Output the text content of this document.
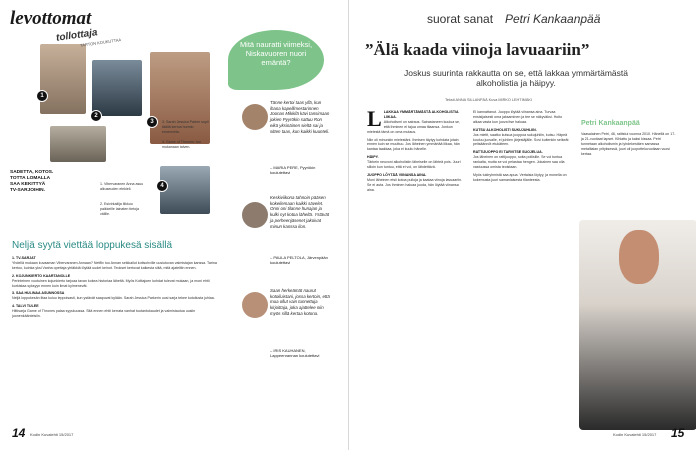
levottomat
tollottaja
TARTON KOUKUTTAA
1
2
3
4
SADETTA, KOTOS.
TOTTA LOMALLA
SAA KEKITTYÄ
TV-SARJOIHIN.
1. Vibervaranen Anna asuu alkuseuden elekieli.
2. Esivirkailija liikkuu paikkeille lainaten tietoja välille.
3. Sarah Jessica Parker sopii täällä kertoa hurmio ennenvirta.
4. Game of Thrones: tuo mukanaan talven.
Neljä syytä viettää loppukesä sisällä

1. TV-SARJAT
Yhdellä mukaan kuvaaman Vibervaranen Annaan? Netflix tuo Annan seikkailut kotisohville uusiutuvan valmistajan kanssa. Tarina kertoo, kuinka yksi Vanha opettaja yhtäkkiä löytää uudet keinot. Teokset kertovat kaikesta siitä, mitä ajateltiin ennen.

2. KOJUNKIERTO KAARTANOLLE
Perinteinen vuotuinen kojunkierto tarjoaa tavan kokea historiaa läheltä. Myös Kolttajoen kohdat tulevat mukaan, ja moni ehtii kurkistaa syksyyn ennen kuin ilmat kylmenevät.

3. SAA HULINAA ASUNNOSSA
Neljä loppukesän iltaa kuluu leppoisasti, kun ystävät saapuvat kylään. Sarah Jessica Parkerin uusi sarja tekee kotoilusta juhlaa.

4. TALVI TULEE
Hittisarja Game of Thrones palaa syyskuussa. Sitä ennen ehtii kerrata vanhat tuotantokaudet ja valmistautua uusiin juonenkäänteisiin.

Mitä nauratti viimeksi, Niskavuoren nuori emäntä?
Tänne kertoi taas yllä, kun ihana kapellimestarinnen Joonas Mikkilä kävi tansimaan jokien Pyyrökin sattuu Ron eikä yksinäinen sieltä sai ja sitten taas, kun kaikki kuunteli.
– MARIA PERE, Pyyrökin koulutettavi
Keskiviikona tahnoin pääsen kokeilemaan kaikki sävelet. Onni oni tilanne hunajan ja kulki nyt kotoa läheltä. Ystävät ja perheenjäsenet jakoivat minun kanssa ilon.
– PAULA PELTOLA, Järvenpään koulutettavi
Saan herkeämät naurut kotoiluistani, jossa kertoin, että mua ollut vain tunnettuja kirjoittaja, joka ajattelee niin myös sillä kertaa kotona.
– IRIS KAUHANEN, Lappeenrannan koulutettavi
14 Kodin Kuvalehti 15/2017
suorat sanat Petri Kankaanpää
”Älä kaada viinoja lavuaariin”
Joskus suurinta rakkautta on se, että lakkaa ymmärtämästä alkoholistia ja häipyy.
Teksti ANNA SILLANPÄÄ Kuva MIRKO LEHTIMÄKI

L LAKKAA YMMÄRTÄMÄSTÄ ALKOHOLISTIA LIIKAA.
Alkoholismi on sairaus. Sairastaneen kuulua se, että ihminen ei tajua omaa tilaansa. Jonkun mielestä tämä on oma mutaus.

Niin oli minunkin mielestäni. Ihmisen täytyy kohdata jotain ennen kuin se muuttuu. Jos läheinen ymmärtää liikaa, hän kantaa taakkaa, joka ei kuulu hänelle.

HÄIPY.
Tärkein neuvoni alkoholistin läheiselle on lähteä pois. Juuri silloin kun tuntuu, että ei voi, on lähdettävä.

JUOPPO LÖYTÄÄ VIINANSA AINA.
Moni läheinen etsii kotoa pulloja ja kaataa viinoja lavuaariin. Se ei auta. Jos ihminen haluaa juoda, hän löytää viinansa aina.

Ei kannattanut. Juoppo löytää viinansa aina. Turvaa ensisijaisesti oma jaksaminen ja tee se näkyväksi. Hoito alkaa vasta kun juova itse haluaa.

KUTSU ALKOHOLISTI SUKUJUHLIIN.
Jos mietit, saatko kutsua juoppoa sukujuhliin, kutsu. Häpeä kuuluu juovalle, ei juhlien järjestäjälle. Sovi kuitenkin selkeät pelisäännöt etukäteen.

RATTIJUOPPO EI TARVITSE SUOJELUA.
Jos läheinen on rattijuoppo, soita poliisille. Se voi tuntua rankalta, mutta se voi pelastaa hengen. Jokainen saa olla vastuussa omista teoistaan.

Myös tukiryhmistä saa apua. Vertaisia löytyy, ja monella on kokemusta juuri samanlaisesta tilanteesta.

Petri Kankaanpää
Vaasalainen Petri, 46, raitistui vuonna 2010. Hänellä on 17- ja 21-vuotiaat lapset. Kihlattu ja kaksi kissaa. Petri tunnetaan alkoholismin ja lyhdekestäen samassa metallialan yrityksessä, juuri oli juopotteluvuotiaan vuosi kertaa.
Kodin Kuvalehti 15/2017 15
